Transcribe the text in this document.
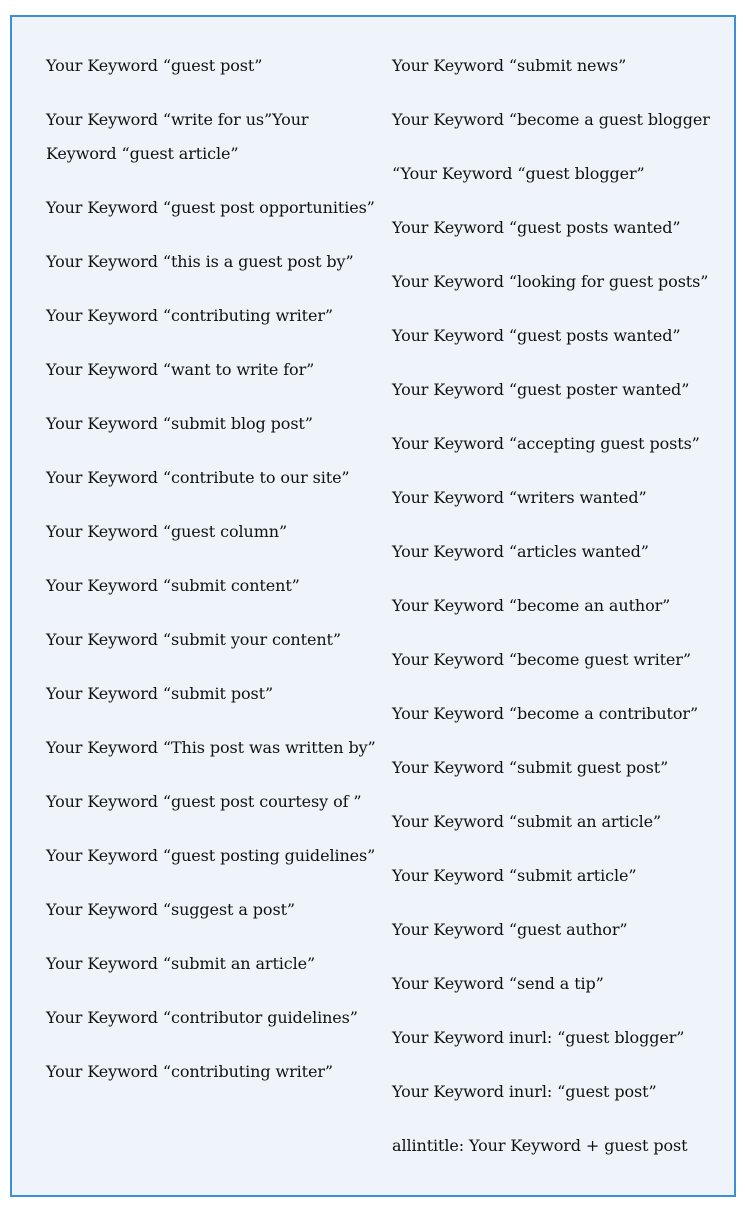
Your Keyword “guest post”
Your Keyword “write for us”Your Keyword “guest article”
Your Keyword “guest post opportunities”
Your Keyword “this is a guest post by”
Your Keyword “contributing writer”
Your Keyword “want to write for”
Your Keyword “submit blog post”
Your Keyword “contribute to our site”
Your Keyword “guest column”
Your Keyword “submit content”
Your Keyword “submit your content”
Your Keyword “submit post”
Your Keyword “This post was written by”
Your Keyword “guest post courtesy of ”
Your Keyword “guest posting guidelines”
Your Keyword “suggest a post”
Your Keyword “submit an article”
Your Keyword “contributor guidelines”
Your Keyword “contributing writer”
Your Keyword “submit news”
Your Keyword “become a guest blogger
“Your Keyword “guest blogger”
Your Keyword “guest posts wanted”
Your Keyword “looking for guest posts”
Your Keyword “guest posts wanted”
Your Keyword “guest poster wanted”
Your Keyword “accepting guest posts”
Your Keyword “writers wanted”
Your Keyword “articles wanted”
Your Keyword “become an author”
Your Keyword “become guest writer”
Your Keyword “become a contributor”
Your Keyword “submit guest post”
Your Keyword “submit an article”
Your Keyword “submit article”
Your Keyword “guest author”
Your Keyword “send a tip”
Your Keyword inurl: “guest blogger”
Your Keyword inurl: “guest post”
allintitle: Your Keyword + guest post
